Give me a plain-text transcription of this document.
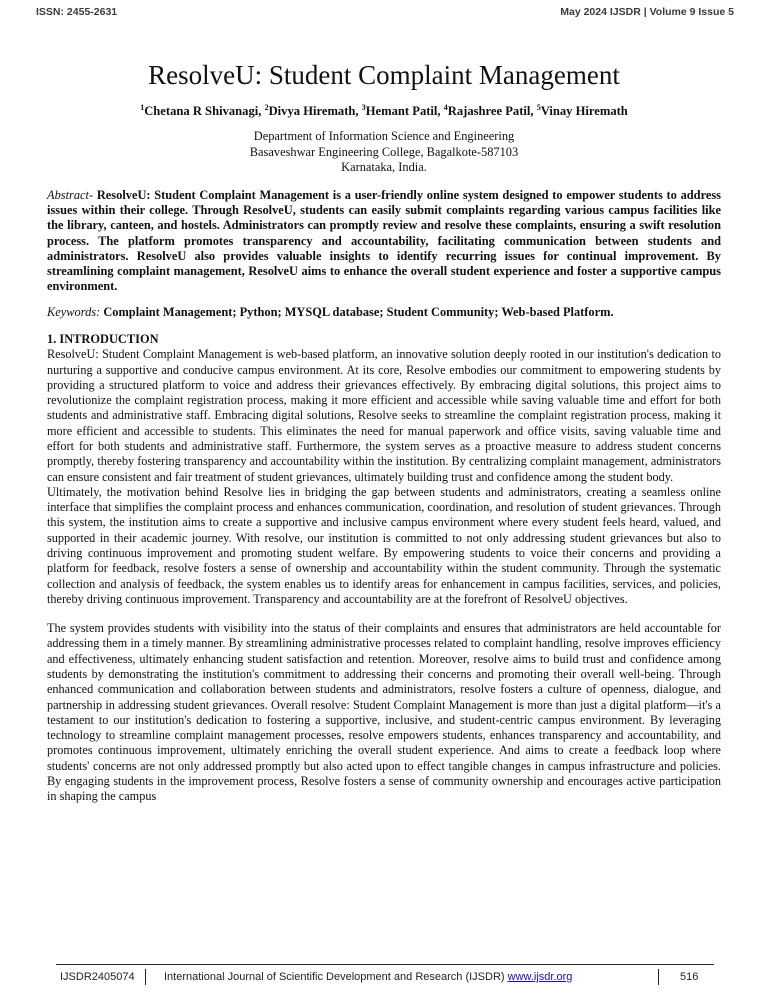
ISSN: 2455-2631	May 2024 IJSDR | Volume 9 Issue 5
ResolveU: Student Complaint Management
$^1$Chetana R Shivanagi, $^2$Divya Hiremath, $^3$Hemant Patil, $^4$Rajashree Patil, $^5$Vinay Hiremath
Department of Information Science and Engineering
Basaveshwar Engineering College, Bagalkote-587103
Karnataka, India.
Abstract- ResolveU: Student Complaint Management is a user-friendly online system designed to empower students to address issues within their college. Through ResolveU, students can easily submit complaints regarding various campus facilities like the library, canteen, and hostels. Administrators can promptly review and resolve these complaints, ensuring a swift resolution process. The platform promotes transparency and accountability, facilitating communication between students and administrators. ResolveU also provides valuable insights to identify recurring issues for continual improvement. By streamlining complaint management, ResolveU aims to enhance the overall student experience and foster a supportive campus environment.
Keywords: Complaint Management; Python; MYSQL database; Student Community; Web-based Platform.
1. INTRODUCTION

ResolveU: Student Complaint Management is web-based platform, an innovative solution deeply rooted in our institution's dedication to nurturing a supportive and conducive campus environment. At its core, Resolve embodies our commitment to empowering students by providing a structured platform to voice and address their grievances effectively. By embracing digital solutions, this project aims to revolutionize the complaint registration process, making it more efficient and accessible while saving valuable time and effort for both students and administrative staff. Embracing digital solutions, Resolve seeks to streamline the complaint registration process, making it more efficient and accessible to students. This eliminates the need for manual paperwork and office visits, saving valuable time and effort for both students and administrative staff. Furthermore, the system serves as a proactive measure to address student concerns promptly, thereby fostering transparency and accountability within the institution. By centralizing complaint management, administrators can ensure consistent and fair treatment of student grievances, ultimately building trust and confidence among the student body.

Ultimately, the motivation behind Resolve lies in bridging the gap between students and administrators, creating a seamless online interface that simplifies the complaint process and enhances communication, coordination, and resolution of student grievances. Through this system, the institution aims to create a supportive and inclusive campus environment where every student feels heard, valued, and supported in their academic journey. With resolve, our institution is committed to not only addressing student grievances but also to driving continuous improvement and promoting student welfare. By empowering students to voice their concerns and providing a platform for feedback, resolve fosters a sense of ownership and accountability within the student community. Through the systematic collection and analysis of feedback, the system enables us to identify areas for enhancement in campus facilities, services, and policies, thereby driving continuous improvement. Transparency and accountability are at the forefront of ResolveU objectives.

The system provides students with visibility into the status of their complaints and ensures that administrators are held accountable for addressing them in a timely manner. By streamlining administrative processes related to complaint handling, resolve improves efficiency and effectiveness, ultimately enhancing student satisfaction and retention. Moreover, resolve aims to build trust and confidence among students by demonstrating the institution's commitment to addressing their concerns and promoting their overall well-being. Through enhanced communication and collaboration between students and administrators, resolve fosters a culture of openness, dialogue, and partnership in addressing student grievances. Overall resolve: Student Complaint Management is more than just a digital platform—it's a testament to our institution's dedication to fostering a supportive, inclusive, and student-centric campus environment. By leveraging technology to streamline complaint management processes, resolve empowers students, enhances transparency and accountability, and promotes continuous improvement, ultimately enriching the overall student experience. And aims to create a feedback loop where students' concerns are not only addressed promptly but also acted upon to effect tangible changes in campus infrastructure and policies. By engaging students in the improvement process, Resolve fosters a sense of community ownership and encourages active participation in shaping the campus

IJSDR2405074	International Journal of Scientific Development and Research (IJSDR) www.ijsdr.org	516
